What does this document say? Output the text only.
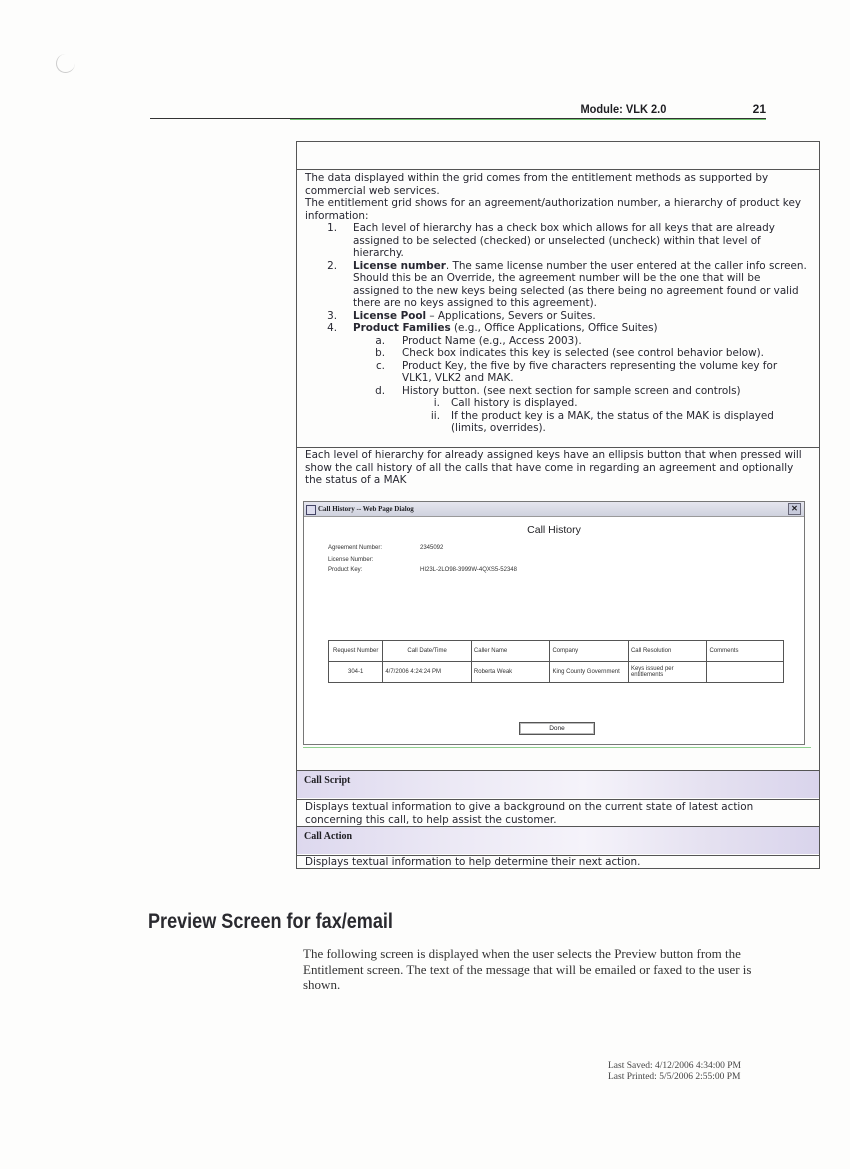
Module: VLK 2.0	21

The data displayed within the grid comes from the entitlement methods as supported by commercial web services.

The entitlement grid shows for an agreement/authorization number, a hierarchy of product key information:

1. Each level of hierarchy has a check box which allows for all keys that are already assigned to be selected (checked) or unselected (uncheck) within that level of hierarchy.
2. License number. The same license number the user entered at the caller info screen. Should this be an Override, the agreement number will be the one that will be assigned to the new keys being selected (as there being no agreement found or valid there are no keys assigned to this agreement).
3. License Pool – Applications, Severs or Suites.
4. Product Families (e.g., Office Applications, Office Suites)
a. Product Name (e.g., Access 2003).
b. Check box indicates this key is selected (see control behavior below).
c. Product Key, the five by five characters representing the volume key for VLK1, VLK2 and MAK.
d. History button. (see next section for sample screen and controls)
i. Call history is displayed.
ii. If the product key is a MAK, the status of the MAK is displayed (limits, overrides).
Each level of hierarchy for already assigned keys have an ellipsis button that when pressed will show the call history of all the calls that have come in regarding an agreement and optionally the status of a MAK
Call History -- Web Page Dialog	✕
Call History
Agreement Number:	2345092
License Number:
Product Key:	HI23L-2LO98-3999W-4QXS5-52348
Request Number	Call Date/Time	Caller Name	Company	Call Resolution	Comments
304-1	4/7/2006 4:24:24 PM	Roberta Weak	King County Government	Keys issued per entitlements	
Done
Call Script
Displays textual information to give a background on the current state of latest action concerning this call, to help assist the customer.
Call Action
Displays textual information to help determine their next action.
Preview Screen for fax/email
The following screen is displayed when the user selects the Preview button from the Entitlement screen. The text of the message that will be emailed or faxed to the user is shown.
Last Saved: 4/12/2006 4:34:00 PM
Last Printed: 5/5/2006 2:55:00 PM
